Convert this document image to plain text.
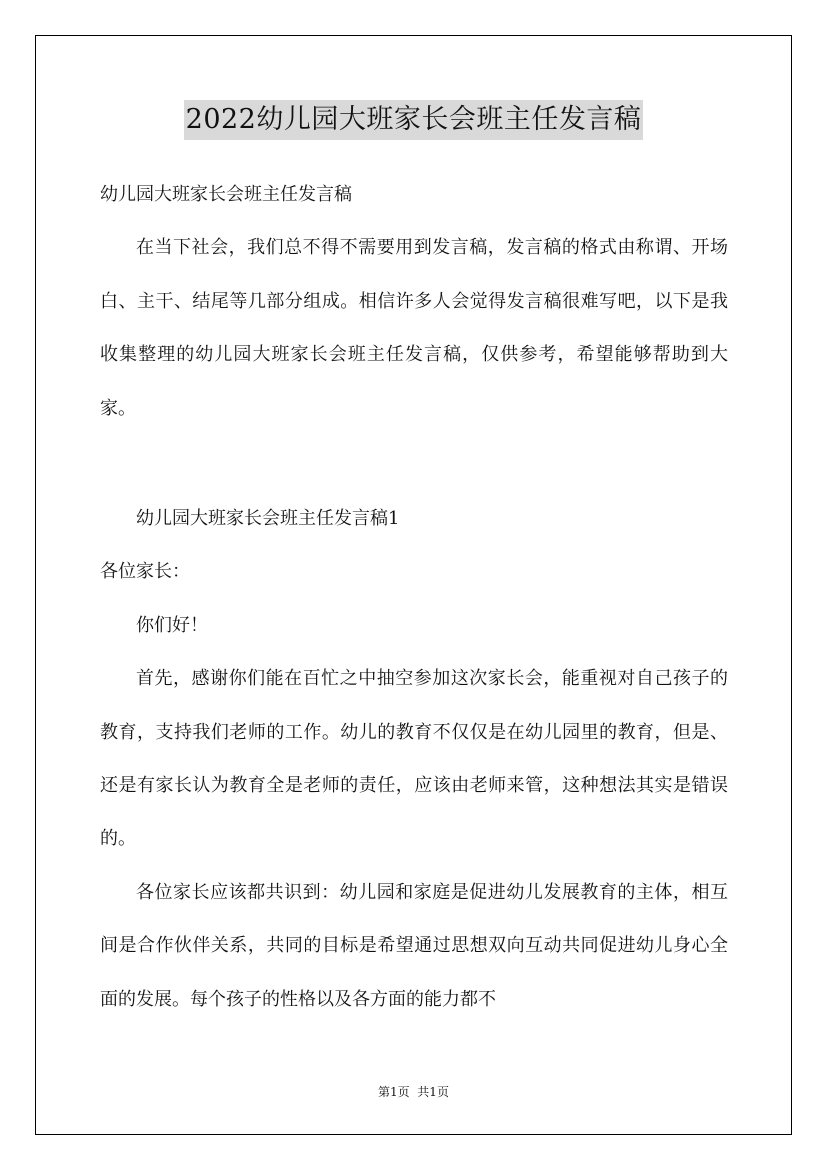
2022幼儿园大班家长会班主任发言稿

幼儿园大班家长会班主任发言稿

在当下社会，我们总不得不需要用到发言稿，发言稿的格式由称谓、开场白、主干、结尾等几部分组成。相信许多人会觉得发言稿很难写吧，以下是我收集整理的幼儿园大班家长会班主任发言稿，仅供参考，希望能够帮助到大家。

幼儿园大班家长会班主任发言稿1

各位家长：

你们好！

首先，感谢你们能在百忙之中抽空参加这次家长会，能重视对自己孩子的教育，支持我们老师的工作。幼儿的教育不仅仅是在幼儿园里的教育，但是、还是有家长认为教育全是老师的责任，应该由老师来管，这种想法其实是错误的。

各位家长应该都共识到：幼儿园和家庭是促进幼儿发展教育的主体，相互间是合作伙伴关系，共同的目标是希望通过思想双向互动共同促进幼儿身心全面的发展。每个孩子的性格以及各方面的能力都不

第1页  共1页
